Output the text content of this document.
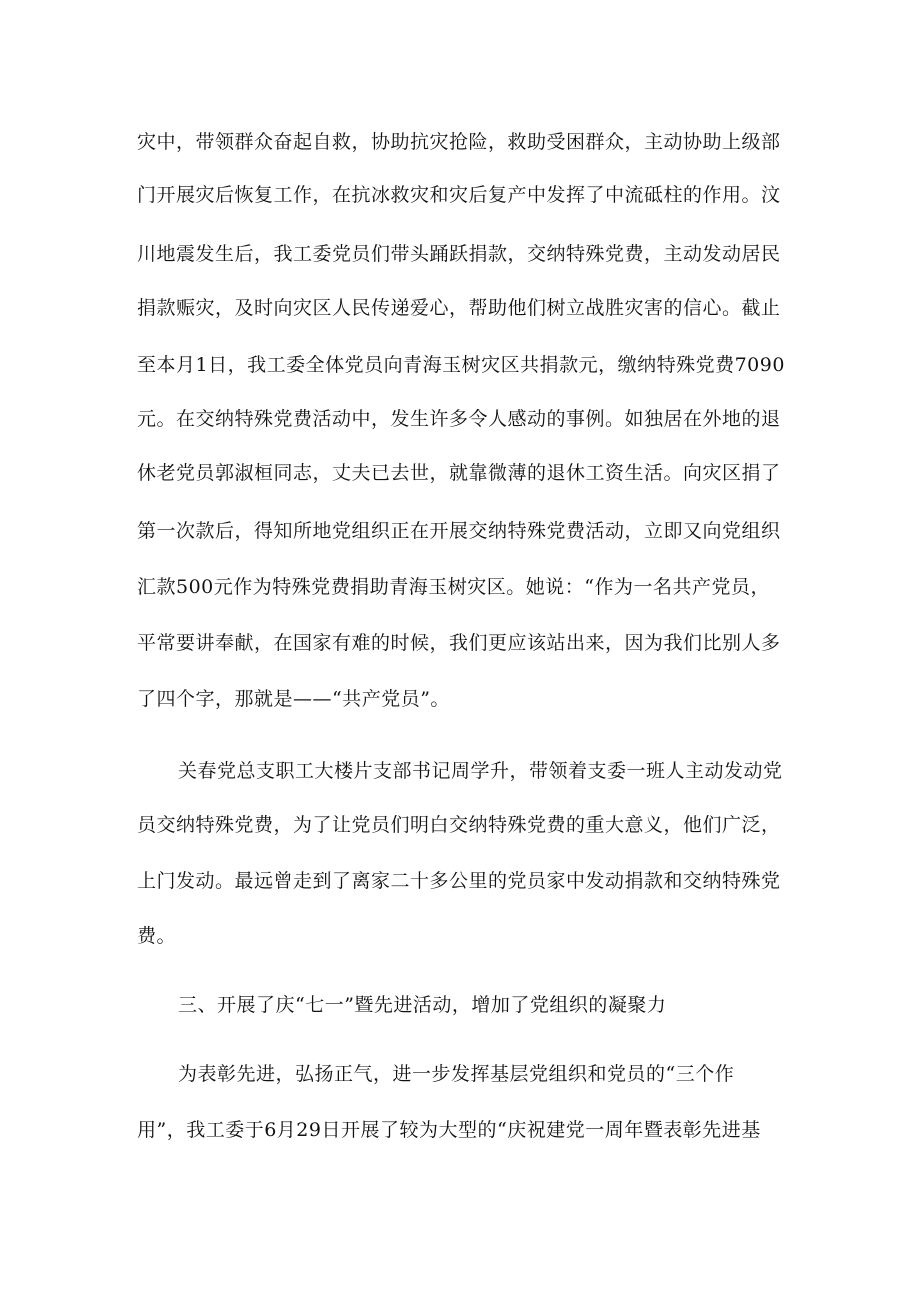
灾中，带领群众奋起自救，协助抗灾抢险，救助受困群众，主动协助上级部
门开展灾后恢复工作，在抗冰救灾和灾后复产中发挥了中流砥柱的作用。汶
川地震发生后，我工委党员们带头踊跃捐款，交纳特殊党费，主动发动居民
捐款赈灾，及时向灾区人民传递爱心，帮助他们树立战胜灾害的信心。截止
至本月1日，我工委全体党员向青海玉树灾区共捐款元，缴纳特殊党费7090
元。在交纳特殊党费活动中，发生许多令人感动的事例。如独居在外地的退
休老党员郭淑桓同志，丈夫已去世，就靠微薄的退休工资生活。向灾区捐了
第一次款后，得知所地党组织正在开展交纳特殊党费活动，立即又向党组织
汇款500元作为特殊党费捐助青海玉树灾区。她说：“作为一名共产党员，
平常要讲奉献，在国家有难的时候，我们更应该站出来，因为我们比别人多
了四个字，那就是——“共产党员”。
关春党总支职工大楼片支部书记周学升，带领着支委一班人主动发动党
员交纳特殊党费，为了让党员们明白交纳特殊党费的重大意义，他们广泛，
上门发动。最远曾走到了离家二十多公里的党员家中发动捐款和交纳特殊党
费。
三、开展了庆“七一”暨先进活动，增加了党组织的凝聚力
为表彰先进，弘扬正气，进一步发挥基层党组织和党员的“三个作
用”，我工委于6月29日开展了较为大型的“庆祝建党一周年暨表彰先进基
